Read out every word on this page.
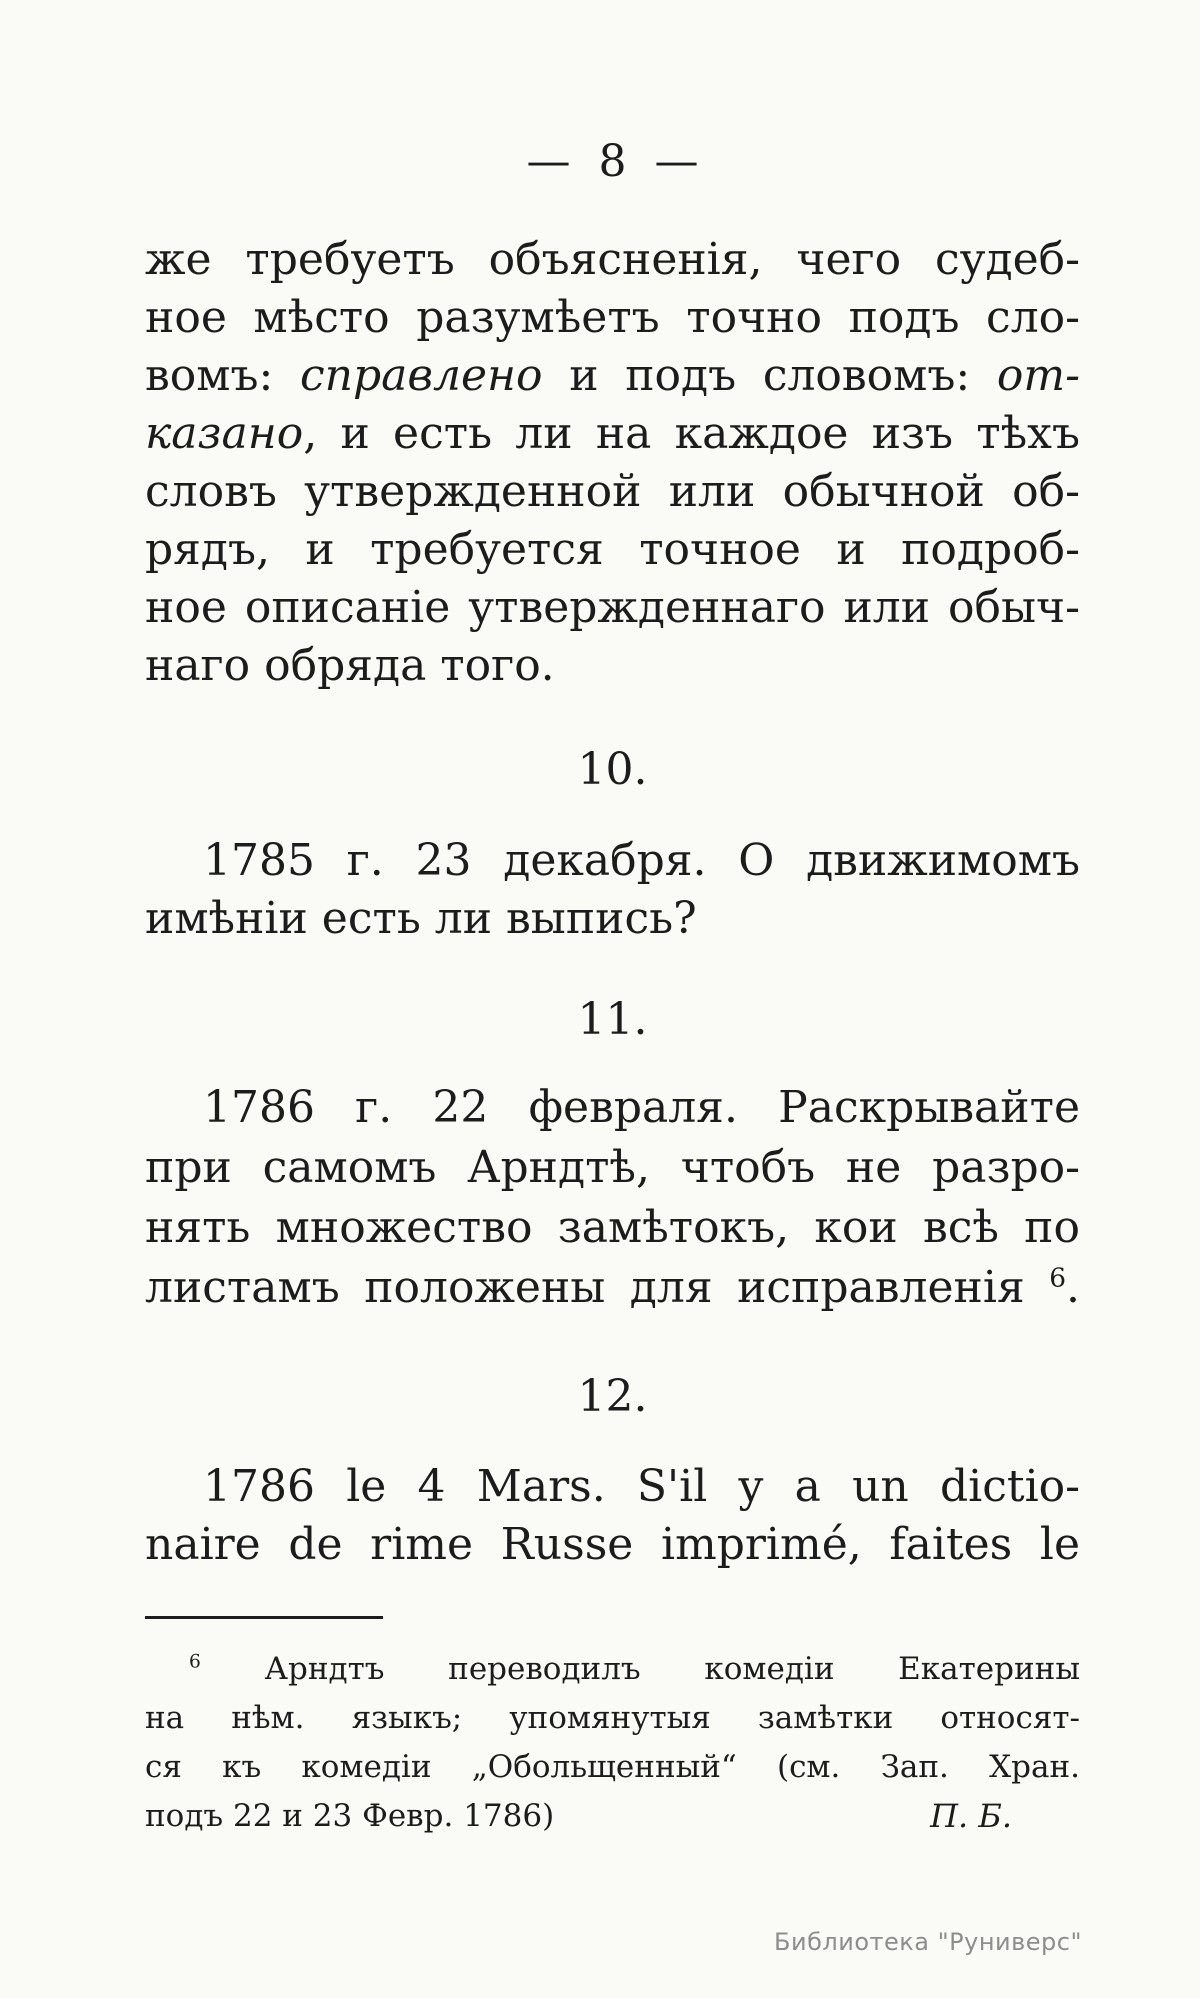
— 8 —
же требуетъ объясненія, чего судеб-
ное мѣсто разумѣетъ точно подъ сло-
вомъ: справлено и подъ словомъ: от-
казано, и есть ли на каждое изъ тѣхъ
словъ утвержденной или обычной об-
рядъ, и требуется точное и подроб-
ное описаніе утвержденнаго или обыч-
наго обряда того.
10.
1785 г. 23 декабря. О движимомъ
имѣніи есть ли выпись?
11.
1786 г. 22 февраля. Раскрывайте
при самомъ Арндтѣ, чтобъ не разро-
нять множество замѣтокъ, кои всѣ по
листамъ положены для исправленія $^6$.
12.
1786 le 4 Mars. S'il y a un dictio-
naire de rime Russe imprimé, faites le
$^6$ Арндтъ переводилъ комедіи Екатерины
на нѣм. языкъ; упомянутыя замѣтки относят-
ся къ комедіи „Обольщенный“ (см. Зап. Хран.
подъ 22 и 23 Февр. 1786)	П. Б.
Библиотека "Руниверс"
